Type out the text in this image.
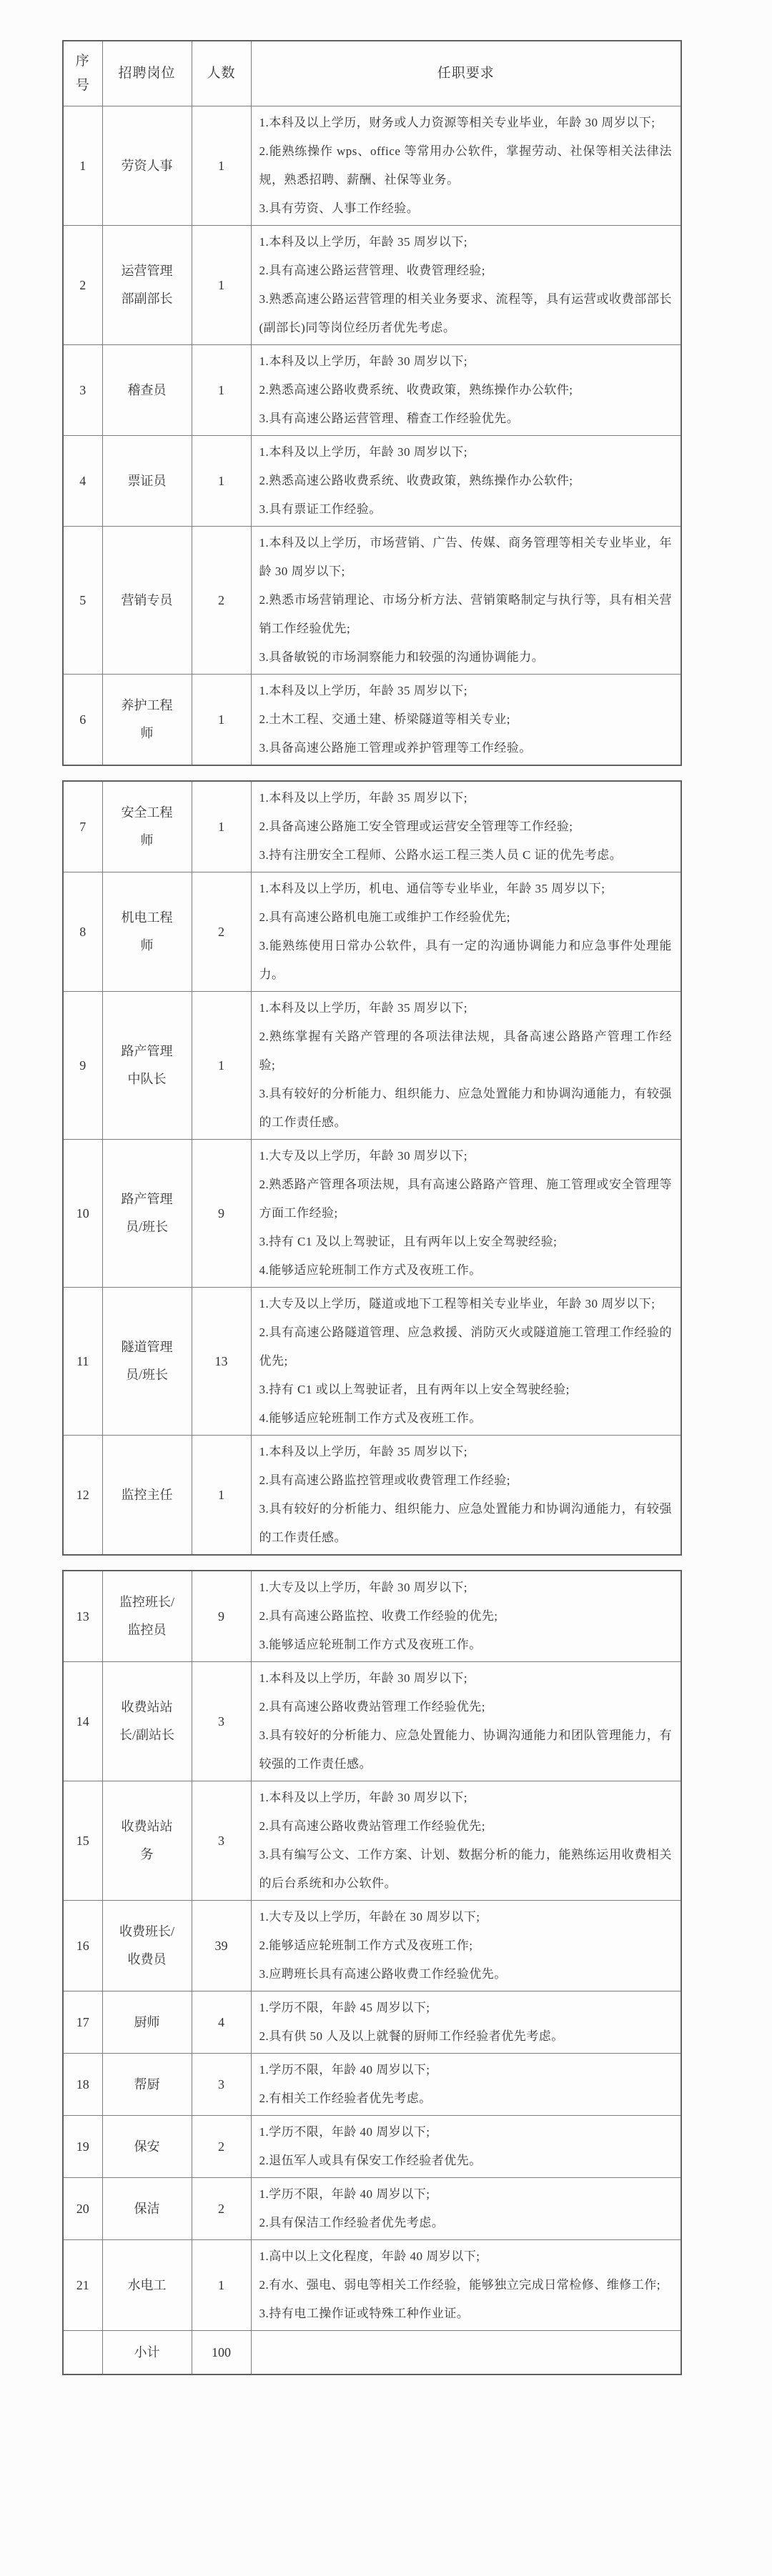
序号	招聘岗位	人数	任职要求
1	劳资人事	1	1.本科及以上学历，财务或人力资源等相关专业毕业，年龄 30 周岁以下;
2.能熟练操作 wps、office 等常用办公软件，掌握劳动、社保等相关法律法规，熟悉招聘、薪酬、社保等业务。
3.具有劳资、人事工作经验。

2	运营管理部副部长	1	1.本科及以上学历，年龄 35 周岁以下;
2.具有高速公路运营管理、收费管理经验;
3.熟悉高速公路运营管理的相关业务要求、流程等，具有运营或收费部部长(副部长)同等岗位经历者优先考虑。

3	稽查员	1	1.本科及以上学历，年龄 30 周岁以下;
2.熟悉高速公路收费系统、收费政策，熟练操作办公软件;
3.具有高速公路运营管理、稽查工作经验优先。

4	票证员	1	1.本科及以上学历，年龄 30 周岁以下;
2.熟悉高速公路收费系统、收费政策，熟练操作办公软件;
3.具有票证工作经验。

5	营销专员	2	1.本科及以上学历，市场营销、广告、传媒、商务管理等相关专业毕业，年龄 30 周岁以下;
2.熟悉市场营销理论、市场分析方法、营销策略制定与执行等，具有相关营销工作经验优先;
3.具备敏锐的市场洞察能力和较强的沟通协调能力。

6	养护工程师	1	1.本科及以上学历，年龄 35 周岁以下;
2.土木工程、交通土建、桥梁隧道等相关专业;
3.具备高速公路施工管理或养护管理等工作经验。
7	安全工程师	1	1.本科及以上学历，年龄 35 周岁以下;
2.具备高速公路施工安全管理或运营安全管理等工作经验;
3.持有注册安全工程师、公路水运工程三类人员 C 证的优先考虑。

8	机电工程师	2	1.本科及以上学历，机电、通信等专业毕业，年龄 35 周岁以下;
2.具有高速公路机电施工或维护工作经验优先;
3.能熟练使用日常办公软件，具有一定的沟通协调能力和应急事件处理能力。

9	路产管理中队长	1	1.本科及以上学历，年龄 35 周岁以下;
2.熟练掌握有关路产管理的各项法律法规，具备高速公路路产管理工作经验;
3.具有较好的分析能力、组织能力、应急处置能力和协调沟通能力，有较强的工作责任感。

10	路产管理员/班长	9	1.大专及以上学历，年龄 30 周岁以下;
2.熟悉路产管理各项法规，具有高速公路路产管理、施工管理或安全管理等方面工作经验;
3.持有 C1 及以上驾驶证，且有两年以上安全驾驶经验;
4.能够适应轮班制工作方式及夜班工作。

11	隧道管理员/班长	13	1.大专及以上学历，隧道或地下工程等相关专业毕业，年龄 30 周岁以下;
2.具有高速公路隧道管理、应急救援、消防灭火或隧道施工管理工作经验的优先;
3.持有 C1 或以上驾驶证者，且有两年以上安全驾驶经验;
4.能够适应轮班制工作方式及夜班工作。

12	监控主任	1	1.本科及以上学历，年龄 35 周岁以下;
2.具有高速公路监控管理或收费管理工作经验;
3.具有较好的分析能力、组织能力、应急处置能力和协调沟通能力，有较强的工作责任感。
13	监控班长/监控员	9	1.大专及以上学历，年龄 30 周岁以下;
2.具有高速公路监控、收费工作经验的优先;
3.能够适应轮班制工作方式及夜班工作。

14	收费站站长/副站长	3	1.本科及以上学历，年龄 30 周岁以下;
2.具有高速公路收费站管理工作经验优先;
3.具有较好的分析能力、应急处置能力、协调沟通能力和团队管理能力，有较强的工作责任感。

15	收费站站务	3	1.本科及以上学历，年龄 30 周岁以下;
2.具有高速公路收费站管理工作经验优先;
3.具有编写公文、工作方案、计划、数据分析的能力，能熟练运用收费相关的后台系统和办公软件。

16	收费班长/收费员	39	1.大专及以上学历，年龄在 30 周岁以下;
2.能够适应轮班制工作方式及夜班工作;
3.应聘班长具有高速公路收费工作经验优先。

17	厨师	4	1.学历不限，年龄 45 周岁以下;
2.具有供 50 人及以上就餐的厨师工作经验者优先考虑。

18	帮厨	3	1.学历不限，年龄 40 周岁以下;
2.有相关工作经验者优先考虑。

19	保安	2	1.学历不限，年龄 40 周岁以下;
2.退伍军人或具有保安工作经验者优先。

20	保洁	2	1.学历不限，年龄 40 周岁以下;
2.具有保洁工作经验者优先考虑。

21	水电工	1	1.高中以上文化程度，年龄 40 周岁以下;
2.有水、强电、弱电等相关工作经验，能够独立完成日常检修、维修工作;
3.持有电工操作证或特殊工种作业证。

	小计	100	
